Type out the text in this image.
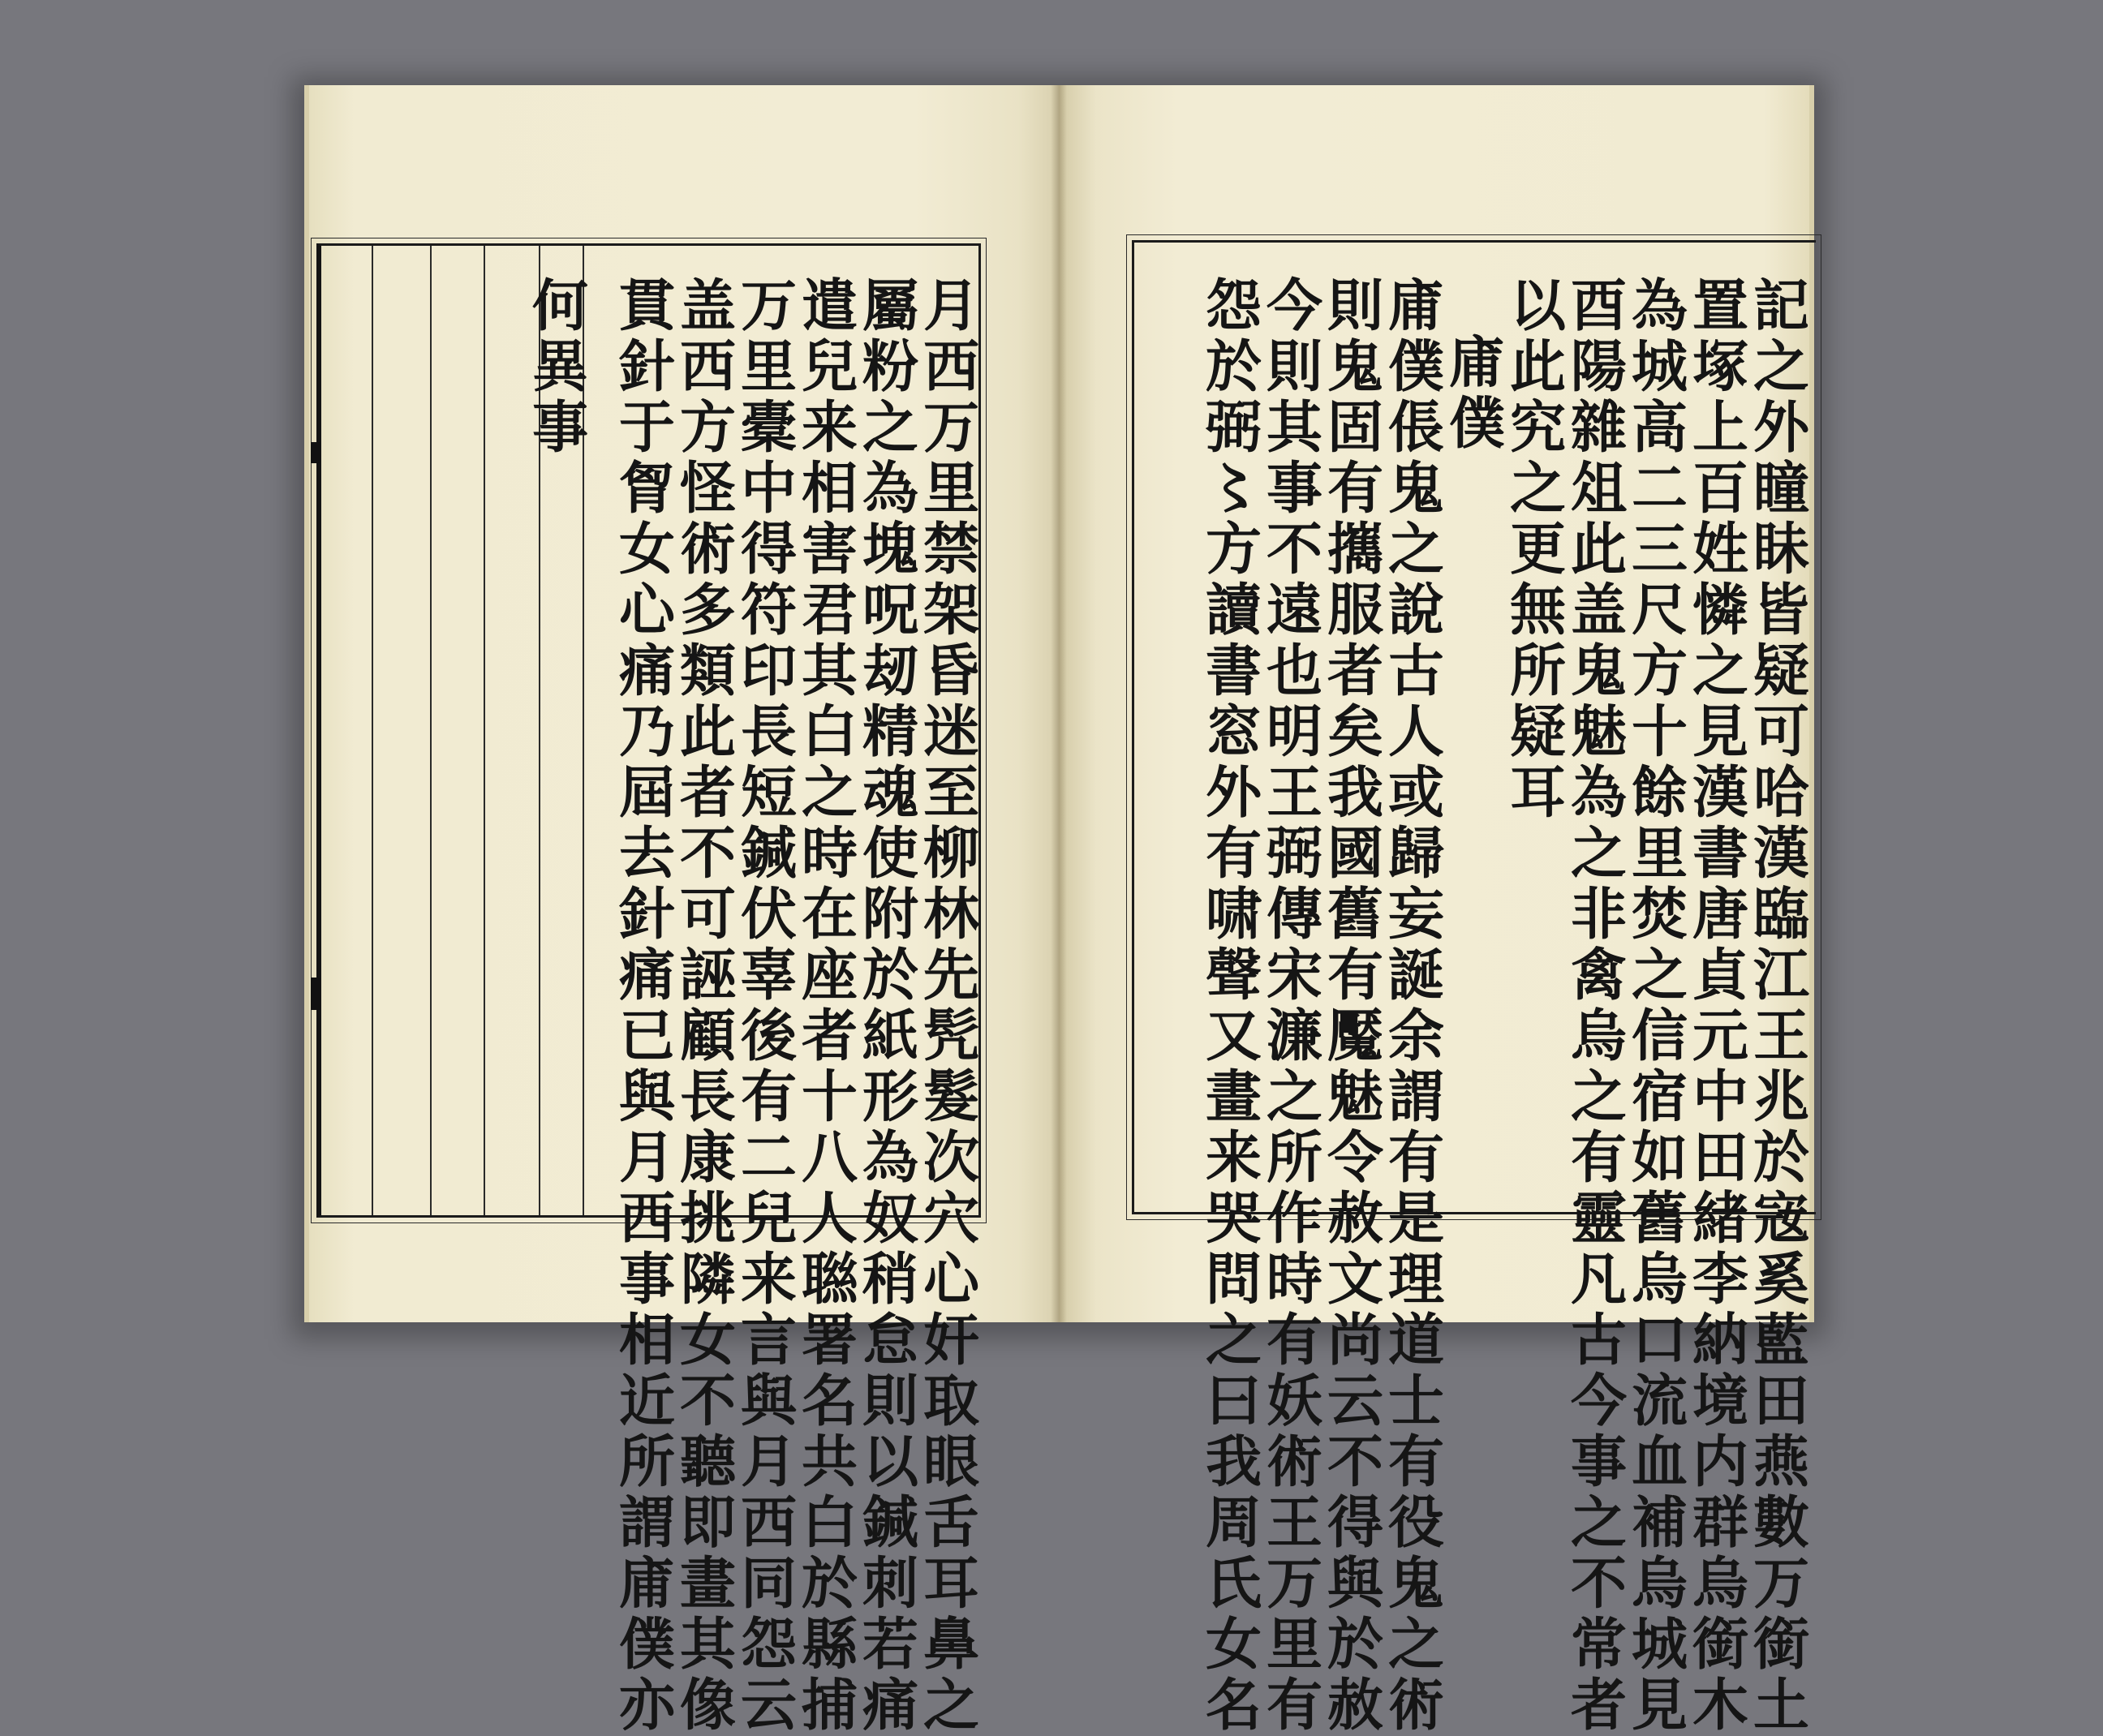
月西万里禁架昏迷至柳林先髠髮次穴心奸取眼舌耳鼻之
屬粉之為塊呪刼精魂使附於紙形為奴稍怠則以鍼刺若痛
遣兒来相害君其白之時在座者十八人聮署名共白於縣捕
万里橐中得符印長短鍼伏辜後有二兒来言與月西同怨云
盖西方怪術多類此者不可誣顧長康挑隣女不聽即畫其像
貫針于胷女心痛乃屆去針痛已與月西事相近所謂庯僕亦
何異事	記之外瞳眛皆疑可哈漢臨江王兆於宼奚藍田燕數万銜土
置塚上百姓憐之見漢書唐貞元中田緒李納境内群烏銜木
為城高二三尺方十餘里焚之信宿如舊烏口流血補烏城見
酉陽雜俎此盖鬼魅為之非禽烏之有靈凡古今事之不常者
以此究之更無所疑耳
庯僕
庯僕倀鬼之說古人或歸妄誕余謂有是理道士有役鬼之術
則鬼固有𢹂服者矣我國舊有魘魅令赦文尚云不得與於赦
今則其事不遠也明王弼傳宋濂之所作時有妖術王万里有
怨於弼〻方讀書窓外有啸聲又畫来哭問之曰我周氏女名
